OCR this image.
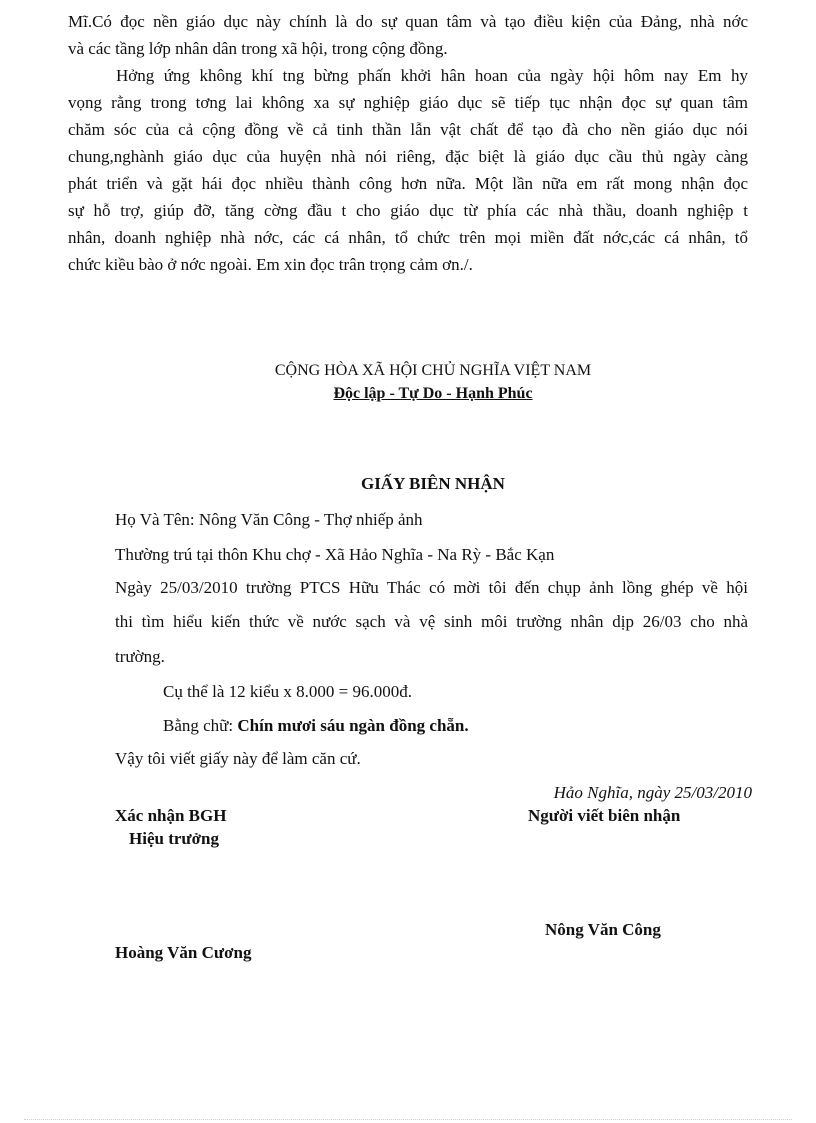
Mĩ.Có đọc nền giáo dục này chính là do sự quan tâm và tạo điều kiện của Đảng, nhà nớc
và các tầng lớp nhân dân trong xã hội, trong cộng đồng.
Hởng ứng không khí tng bừng phấn khởi hân hoan của ngày hội hôm nay Em hy
vọng rằng trong tơng lai không xa sự nghiệp giáo dục sẽ tiếp tục nhận đọc sự quan tâm
chăm sóc của cả cộng đồng về cả tinh thần lẫn vật chất để tạo đà cho nền giáo dục nói
chung,nghành giáo dục của huyện nhà nói riêng, đặc biệt là giáo dục cầu thủ ngày càng
phát triển và gặt hái đọc nhiều thành công hơn nữa. Một lần nữa em rất mong nhận đọc
sự hỗ trợ, giúp đỡ, tăng cờng đầu t cho giáo dục từ phía các nhà thầu, doanh nghiệp t
nhân, doanh nghiệp nhà nớc, các cá nhân, tổ chức trên mọi miền đất nớc,các cá nhân, tổ
chức kiều bào ở nớc ngoài. Em xin đọc trân trọng cảm ơn./.
CỘNG HÒA XÃ HỘI CHỦ NGHĨA VIỆT NAM
Độc lập - Tự Do - Hạnh Phúc
GIẤY BIÊN NHẬN
Họ Và Tên: Nông Văn Công - Thợ nhiếp ảnh
Thường trú tại thôn Khu chợ - Xã Hảo Nghĩa - Na Rỳ - Bắc Kạn
Ngày 25/03/2010 trường PTCS Hữu Thác có mời tôi đến chụp ảnh lồng ghép về hội
thi tìm hiểu kiến thức về nước sạch và vệ sinh môi trường nhân dịp 26/03 cho nhà
trường.
Cụ thể là 12 kiểu x 8.000 = 96.000đ.
Bằng chữ: Chín mươi sáu ngàn đồng chẵn.
Vậy tôi viết giấy này để làm căn cứ.
Hảo Nghĩa, ngày 25/03/2010
Xác nhận BGH
Hiệu trưởng
Người viết biên nhận
Nông Văn Công
Hoàng Văn Cương
